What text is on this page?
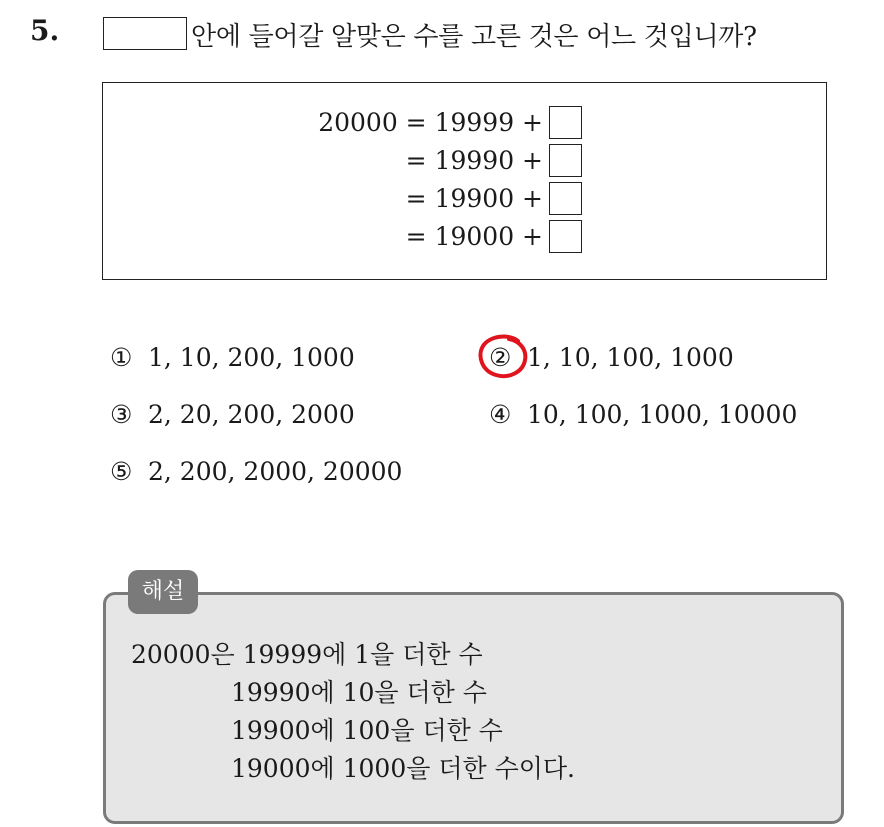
5.	안에 들어갈 알맞은 수를 고른 것은 어느 것입니까?
20000 = 19999 +
= 19990 +
= 19900 +
= 19000 +
① 1, 10, 200, 1000	② 1, 10, 100, 1000
③ 2, 20, 200, 2000	④ 10, 100, 1000, 10000
⑤ 2, 200, 2000, 20000
해설
20000은 19999에 1을 더한 수
19990에 10을 더한 수
19900에 100을 더한 수
19000에 1000을 더한 수이다.
